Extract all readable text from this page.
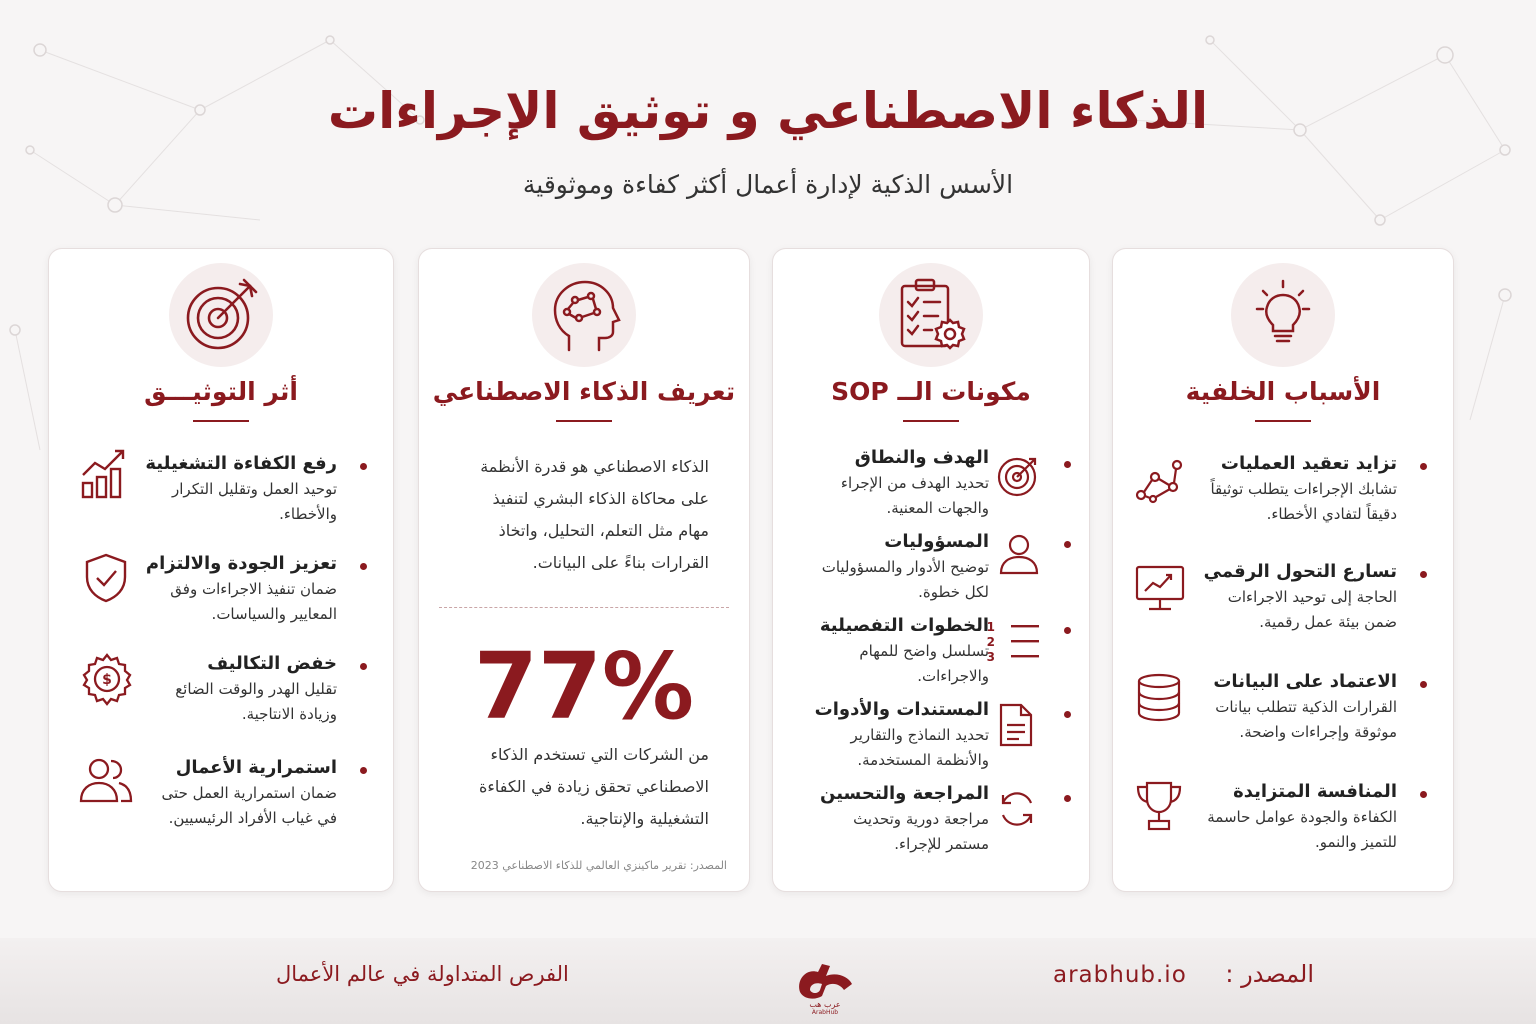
الذكاء الاصطناعي و توثيق الإجراءات
الأسس الذكية لإدارة أعمال أكثر كفاءة وموثوقية
الأسباب الخلفية
تزايد تعقيد العمليات
تشابك الإجراءات يتطلب توثيقاً
دقيقاً لتفادي الأخطاء.
تسارع التحول الرقمي
الحاجة إلى توحيد الاجراءات
ضمن بيئة عمل رقمية.
الاعتماد على البيانات
القرارات الذكية تتطلب بيانات
موثوقة وإجراءات واضحة.
المنافسة المتزايدة
الكفاءة والجودة عوامل حاسمة
للتميز والنمو.
مكونات الــ SOP
الهدف والنطاق
تحديد الهدف من الإجراء
والجهات المعنية.
المسؤوليات
توضيح الأدوار والمسؤوليات
لكل خطوة.
الخطوات التفصيلية
تسلسل واضح للمهام
والاجراءات.
1
2
3
المستندات والأدوات
تحديد النماذج والتقارير
والأنظمة المستخدمة.
المراجعة والتحسين
مراجعة دورية وتحديث
مستمر للإجراء.
تعريف الذكاء الاصطناعي
الذكاء الاصطناعي هو قدرة الأنظمة
على محاكاة الذكاء البشري لتنفيذ
مهام مثل التعلم، التحليل، واتخاذ
القرارات بناءً على البيانات.
77%
من الشركات التي تستخدم الذكاء
الاصطناعي تحقق زيادة في الكفاءة
التشغيلية والإنتاجية.
المصدر: تقرير ماكينزي العالمي للذكاء الاصطناعي 2023
أثر التوثيـــق
رفع الكفاءة التشغيلية
توحيد العمل وتقليل التكرار
والأخطاء.
تعزيز الجودة والالتزام
ضمان تنفيذ الاجراءات وفق
المعايير والسياسات.
خفض التكاليف
تقليل الهدر والوقت الضائع
وزيادة الانتاجية.
$
استمرارية الأعمال
ضمان استمرارية العمل حتى
في غياب الأفراد الرئيسيين.
المصدر :
arabhub.io
الفرص المتداولة في عالم الأعمال
عرب هب
ArabHub
